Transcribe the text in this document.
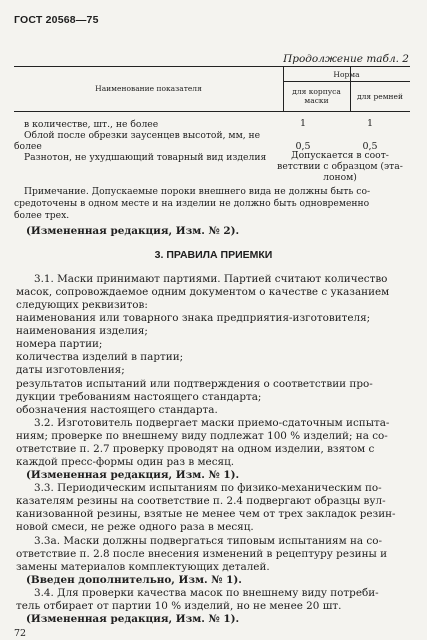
ГОСТ 20568—75
Продолжение табл. 2
Наименование показателя
Норма
для корпуса
маски	для ремней
в количестве, шт., не более	1	1
Облой после обрезки заусенцев высотой, мм, не
более	0,5	0,5
Разнотон, не ухудшающий товарный вид изделия	Допускается в соот-
ветствии с образцом (эта-
лоном)
Примечание. Допускаемые пороки внешнего вида не должны быть со-
средоточены в одном месте и на изделии не должно быть одновременно
более трех.
(Измененная редакция, Изм. № 2).
3. ПРАВИЛА ПРИЕМКИ
3.1. Маски принимают партиями. Партией считают количество
масок, сопровождаемое одним документом о качестве с указанием
следующих реквизитов:
наименования или товарного знака предприятия-изготовителя;
наименования изделия;
номера партии;
количества изделий в партии;
даты изготовления;
результатов испытаний или подтверждения о соответствии про-
дукции требованиям настоящего стандарта;
обозначения настоящего стандарта.
3.2. Изготовитель подвергает маски приемо-сдаточным испыта-
ниям; проверке по внешнему виду подлежат 100 % изделий; на со-
ответствие п. 2.7 проверку проводят на одном изделии, взятом с
каждой пресс-формы один раз в месяц.
(Измененная редакция, Изм. № 1).
3.3. Периодическим испытаниям по физико-механическим по-
казателям резины на соответствие п. 2.4 подвергают образцы вул-
канизованной резины, взятые не менее чем от трех закладок резин-
новой смеси, не реже одного раза в месяц.
3.3а. Маски должны подвергаться типовым испытаниям на со-
ответствие п. 2.8 после внесения изменений в рецептуру резины и
замены материалов комплектующих деталей.
(Введен дополнительно, Изм. № 1).
3.4. Для проверки качества масок по внешнему виду потреби-
тель отбирает от партии 10 % изделий, но не менее 20 шт.
(Измененная редакция, Изм. № 1).
72
